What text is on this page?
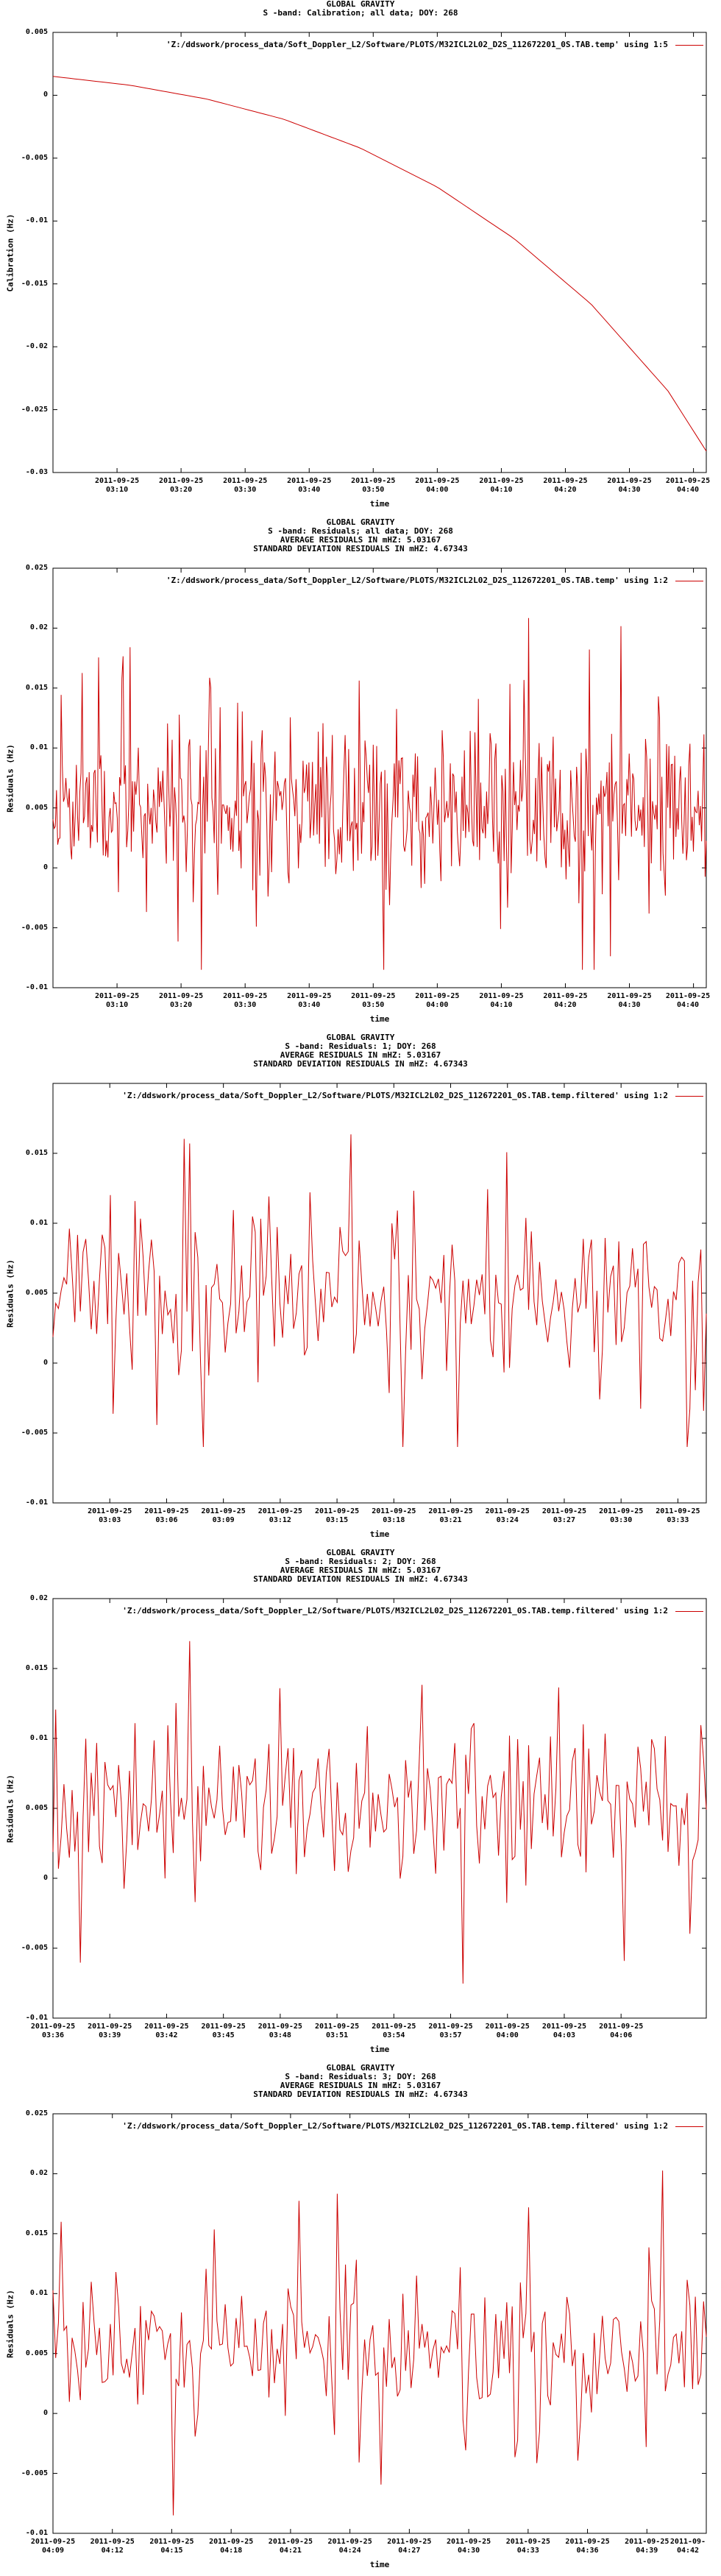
-0.03
-0.025
-0.02
-0.015
-0.01
-0.005
0
0.005
2011-09-25
03:10
2011-09-25
03:20
2011-09-25
03:30
2011-09-25
03:40
2011-09-25
03:50
2011-09-25
04:00
2011-09-25
04:10
2011-09-25
04:20
2011-09-25
04:30
2011-09-25
04:40
GLOBAL GRAVITY
S -band: Calibration; all data; DOY: 268
'Z:/ddswork/process_data/Soft_Doppler_L2/Software/PLOTS/M32ICL2L02_D2S_112672201_0S.TAB.temp' using 1:5
Calibration (Hz)
time
-0.01
-0.005
0
0.005
0.01
0.015
0.02
0.025
2011-09-25
03:10
2011-09-25
03:20
2011-09-25
03:30
2011-09-25
03:40
2011-09-25
03:50
2011-09-25
04:00
2011-09-25
04:10
2011-09-25
04:20
2011-09-25
04:30
2011-09-25
04:40
GLOBAL GRAVITY
S -band: Residuals; all data; DOY: 268
AVERAGE RESIDUALS IN mHZ: 5.03167
STANDARD DEVIATION RESIDUALS IN mHZ: 4.67343
'Z:/ddswork/process_data/Soft_Doppler_L2/Software/PLOTS/M32ICL2L02_D2S_112672201_0S.TAB.temp' using 1:2
Residuals (Hz)
time
-0.01
-0.005
0
0.005
0.01
0.015
2011-09-25
03:03
2011-09-25
03:06
2011-09-25
03:09
2011-09-25
03:12
2011-09-25
03:15
2011-09-25
03:18
2011-09-25
03:21
2011-09-25
03:24
2011-09-25
03:27
2011-09-25
03:30
2011-09-25
03:33
GLOBAL GRAVITY
S -band: Residuals: 1; DOY: 268
AVERAGE RESIDUALS IN mHZ: 5.03167
STANDARD DEVIATION RESIDUALS IN mHZ: 4.67343
'Z:/ddswork/process_data/Soft_Doppler_L2/Software/PLOTS/M32ICL2L02_D2S_112672201_0S.TAB.temp.filtered' using 1:2
Residuals (Hz)
time
-0.01
-0.005
0
0.005
0.01
0.015
0.02
2011-09-25
03:36
2011-09-25
03:39
2011-09-25
03:42
2011-09-25
03:45
2011-09-25
03:48
2011-09-25
03:51
2011-09-25
03:54
2011-09-25
03:57
2011-09-25
04:00
2011-09-25
04:03
2011-09-25
04:06
GLOBAL GRAVITY
S -band: Residuals: 2; DOY: 268
AVERAGE RESIDUALS IN mHZ: 5.03167
STANDARD DEVIATION RESIDUALS IN mHZ: 4.67343
'Z:/ddswork/process_data/Soft_Doppler_L2/Software/PLOTS/M32ICL2L02_D2S_112672201_0S.TAB.temp.filtered' using 1:2
Residuals (Hz)
time
-0.01
-0.005
0
0.005
0.01
0.015
0.02
0.025
2011-09-25
04:09
2011-09-25
04:12
2011-09-25
04:15
2011-09-25
04:18
2011-09-25
04:21
2011-09-25
04:24
2011-09-25
04:27
2011-09-25
04:30
2011-09-25
04:33
2011-09-25
04:36
2011-09-25
04:39
2011-09-
04:42
GLOBAL GRAVITY
S -band: Residuals: 3; DOY: 268
AVERAGE RESIDUALS IN mHZ: 5.03167
STANDARD DEVIATION RESIDUALS IN mHZ: 4.67343
'Z:/ddswork/process_data/Soft_Doppler_L2/Software/PLOTS/M32ICL2L02_D2S_112672201_0S.TAB.temp.filtered' using 1:2
Residuals (Hz)
time
